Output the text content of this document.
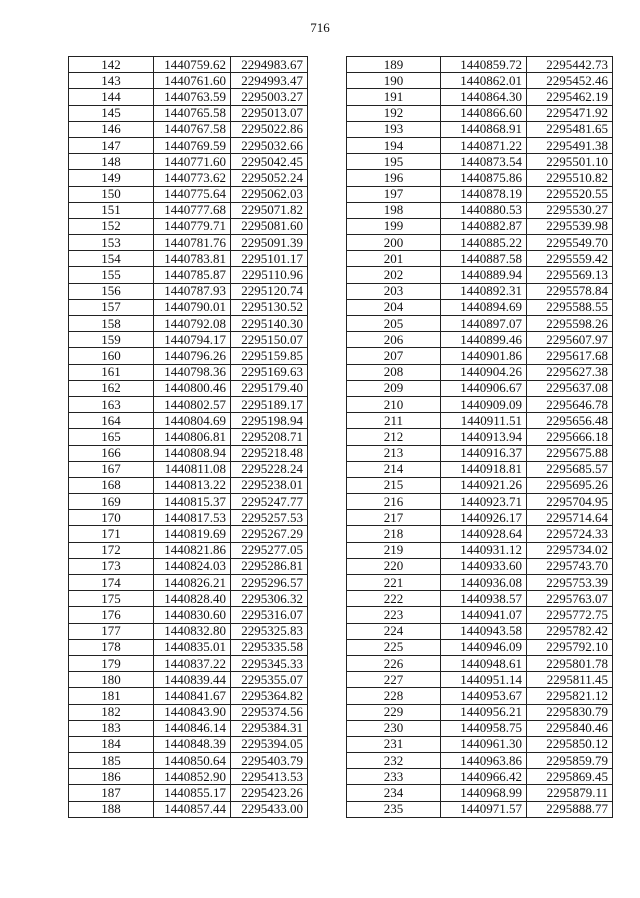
716
142	1440759.62	2294983.67
143	1440761.60	2294993.47
144	1440763.59	2295003.27
145	1440765.58	2295013.07
146	1440767.58	2295022.86
147	1440769.59	2295032.66
148	1440771.60	2295042.45
149	1440773.62	2295052.24
150	1440775.64	2295062.03
151	1440777.68	2295071.82
152	1440779.71	2295081.60
153	1440781.76	2295091.39
154	1440783.81	2295101.17
155	1440785.87	2295110.96
156	1440787.93	2295120.74
157	1440790.01	2295130.52
158	1440792.08	2295140.30
159	1440794.17	2295150.07
160	1440796.26	2295159.85
161	1440798.36	2295169.63
162	1440800.46	2295179.40
163	1440802.57	2295189.17
164	1440804.69	2295198.94
165	1440806.81	2295208.71
166	1440808.94	2295218.48
167	1440811.08	2295228.24
168	1440813.22	2295238.01
169	1440815.37	2295247.77
170	1440817.53	2295257.53
171	1440819.69	2295267.29
172	1440821.86	2295277.05
173	1440824.03	2295286.81
174	1440826.21	2295296.57
175	1440828.40	2295306.32
176	1440830.60	2295316.07
177	1440832.80	2295325.83
178	1440835.01	2295335.58
179	1440837.22	2295345.33
180	1440839.44	2295355.07
181	1440841.67	2295364.82
182	1440843.90	2295374.56
183	1440846.14	2295384.31
184	1440848.39	2295394.05
185	1440850.64	2295403.79
186	1440852.90	2295413.53
187	1440855.17	2295423.26
188	1440857.44	2295433.00
189	1440859.72	2295442.73
190	1440862.01	2295452.46
191	1440864.30	2295462.19
192	1440866.60	2295471.92
193	1440868.91	2295481.65
194	1440871.22	2295491.38
195	1440873.54	2295501.10
196	1440875.86	2295510.82
197	1440878.19	2295520.55
198	1440880.53	2295530.27
199	1440882.87	2295539.98
200	1440885.22	2295549.70
201	1440887.58	2295559.42
202	1440889.94	2295569.13
203	1440892.31	2295578.84
204	1440894.69	2295588.55
205	1440897.07	2295598.26
206	1440899.46	2295607.97
207	1440901.86	2295617.68
208	1440904.26	2295627.38
209	1440906.67	2295637.08
210	1440909.09	2295646.78
211	1440911.51	2295656.48
212	1440913.94	2295666.18
213	1440916.37	2295675.88
214	1440918.81	2295685.57
215	1440921.26	2295695.26
216	1440923.71	2295704.95
217	1440926.17	2295714.64
218	1440928.64	2295724.33
219	1440931.12	2295734.02
220	1440933.60	2295743.70
221	1440936.08	2295753.39
222	1440938.57	2295763.07
223	1440941.07	2295772.75
224	1440943.58	2295782.42
225	1440946.09	2295792.10
226	1440948.61	2295801.78
227	1440951.14	2295811.45
228	1440953.67	2295821.12
229	1440956.21	2295830.79
230	1440958.75	2295840.46
231	1440961.30	2295850.12
232	1440963.86	2295859.79
233	1440966.42	2295869.45
234	1440968.99	2295879.11
235	1440971.57	2295888.77
